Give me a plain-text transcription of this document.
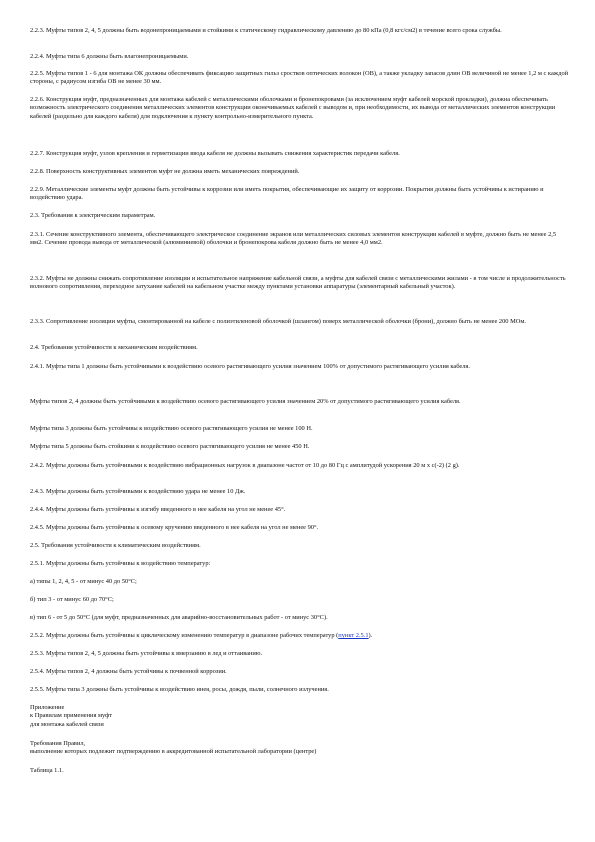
2.2.3. Муфты типов 2, 4, 5 должны быть водонепроницаемыми и стойкими к статическому гидравлическому давлению до 80 кПа (0,8 кгс/см2) в течение всего срока службы.

2.2.4. Муфты типа 6 должны быть влагонепроницаемыми.

2.2.5. Муфты типов 1 - 6 для монтажа ОК должны обеспечивать фиксацию защитных гильз сростков оптических волокон (ОВ), а также укладку запасов длин ОВ величиной не менее 1,2 м с каждой стороны, с радиусом изгиба ОВ не менее 30 мм.

2.2.6. Конструкция муфт, предназначенных для монтажа кабелей с металлическими оболочками и бронепокровами (за исключением муфт кабелей морской прокладки), должна обеспечивать возможность электрического соединения металлических элементов конструкции оконечиваемых кабелей с выводом и, при необходимости, их вывода от металлических элементов конструкции кабелей (раздельно для каждого кабеля) для подключения к пункту контрольно-измерительного пункта.

2.2.7. Конструкция муфт, узлов крепления и герметизации ввода кабеля не должны вызывать снижения характеристик передачи кабеля.

2.2.8. Поверхность конструктивных элементов муфт не должна иметь механических повреждений.

2.2.9. Металлические элементы муфт должны быть устойчивы к коррозии или иметь покрытия, обеспечивающие их защиту от коррозии. Покрытия должны быть устойчивы к истиранию и воздействию удара.

2.3. Требования к электрическим параметрам.

2.3.1. Сечение конструктивного элемента, обеспечивающего электрическое соединение экранов или металлических силовых элементов конструкции кабелей в муфте, должно быть не менее 2,5 мм2. Сечение провода вывода от металлической (алюминиевой) оболочки и бронепокрова кабеля должно быть не менее 4,0 мм2.

2.3.2. Муфты не должны снижать сопротивление изоляции и испытательное напряжение кабельной связи, а муфты для кабелей связи с металлическими жилами - в том числе и продолжительность волнового сопротивления, переходное затухание кабелей на кабельном участке между пунктами установки аппаратуры (элементарный кабельный участок).

2.3.3. Сопротивление изоляции муфты, смонтированной на кабеле с полиэтиленовой оболочкой (шлангом) поверх металлической оболочки (брони), должно быть не менее 200 МОм.

2.4. Требования устойчивости к механическим воздействиям.

2.4.1. Муфты типа 1 должны быть устойчивыми к воздействию осевого растягивающего усилия значением 100% от допустимого растягивающего усилия кабеля.

Муфты типов 2, 4 должны быть устойчивыми к воздействию осевого растягивающего усилия значением 20% от допустимого растягивающего усилия кабеля.

Муфты типа 3 должны быть устойчивы к воздействию осевого растягивающего усилия не менее 100 Н.

Муфты типа 5 должны быть стойкими к воздействию осевого растягивающего усилия не менее 450 Н.

2.4.2. Муфты должны быть устойчивыми к воздействию вибрационных нагрузок в диапазоне частот от 10 до 80 Гц с амплитудой ускорения 20 м x c(-2) (2 g).

2.4.3. Муфты должны быть устойчивыми к воздействию удара не менее 10 Дж.

2.4.4. Муфты должны быть устойчивы к изгибу введенного в нее кабеля на угол не менее 45°.

2.4.5. Муфты должны быть устойчивы к осевому кручению введенного в нее кабеля на угол не менее 90°.

2.5. Требования устойчивости к климатическим воздействиям.

2.5.1. Муфты должны быть устойчивы к воздействию температур:

а) типы 1, 2, 4, 5 - от минус 40 до 50°С;

б) тип 3 - от минус 60 до 70°С;

в) тип 6 - от 5 до 50°С (для муфт, предназначенных для аварийно-восстановительных работ - от минус 30°С).

2.5.2. Муфты должны быть устойчивы к циклическому изменению температур в диапазоне рабочих температур (пункт 2.5.1).

2.5.3. Муфты типов 2, 4, 5 должны быть устойчивы к вмерзанию в лед и оттаиванию.

2.5.4. Муфты типов 2, 4 должны быть устойчивы к почвенной коррозии.

2.5.5. Муфты типа 3 должны быть устойчивы к воздействию инея, росы, дождя, пыли, солнечного излучения.

Приложение
к Правилам применения муфт
для монтажа кабелей связи

Требования Правил,
выполнение которых подлежит подтверждению в аккредитованной испытательной лаборатории (центре)

Таблица 1.1.
